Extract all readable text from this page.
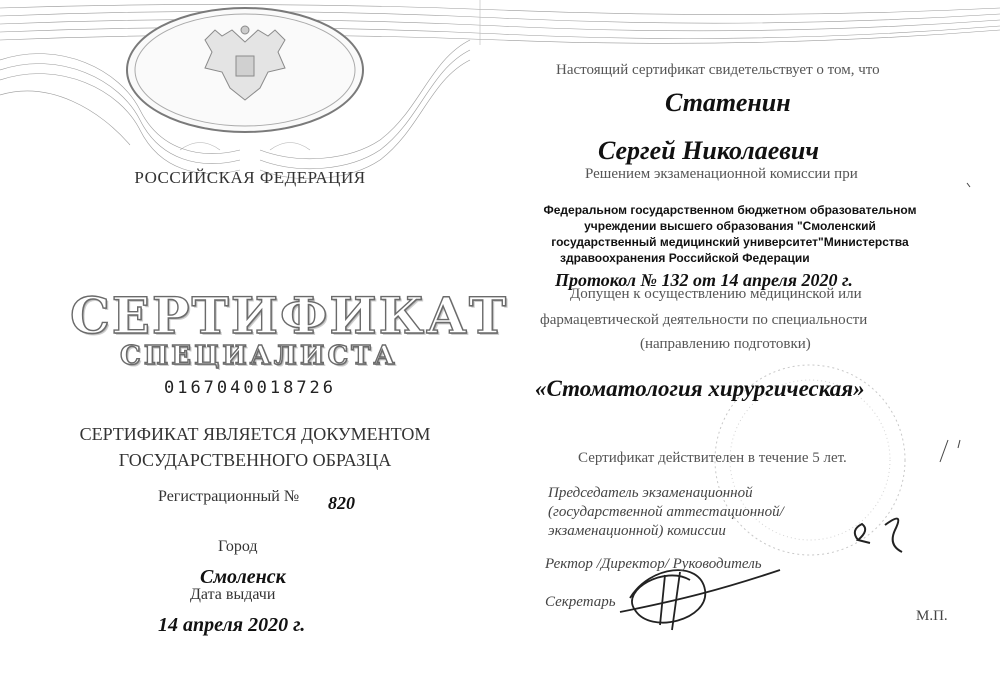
РОССИЙСКАЯ ФЕДЕРАЦИЯ
СЕРТИФИКАТ
СПЕЦИАЛИСТА
0167040018726
СЕРТИФИКАТ ЯВЛЯЕТСЯ ДОКУМЕНТОМ
ГОСУДАРСТВЕННОГО ОБРАЗЦА
Регистрационный № 820
Город
Смоленск
Дата выдачи
14 апреля 2020 г.
Настоящий сертификат свидетельствует о том, что
Статенин
Сергей Николаевич
Решением экзаменационной комиссии при
Федеральном государственном бюджетном образовательном
учреждении высшего образования "Смоленский
государственный медицинский университет"Министерства
здравоохранения Российской Федерации
Протокол № 132 от 14 апреля 2020 г.
Допущен к осуществлению медицинской или
фармацевтической деятельности по специальности
(направлению подготовки)
«Стоматология хирургическая»
Сертификат действителен в течение 5 лет.
Председатель экзаменационной
(государственной аттестационной/
экзаменационной) комиссии
Ректор /Директор/ Руководитель
Секретарь
М.П.
